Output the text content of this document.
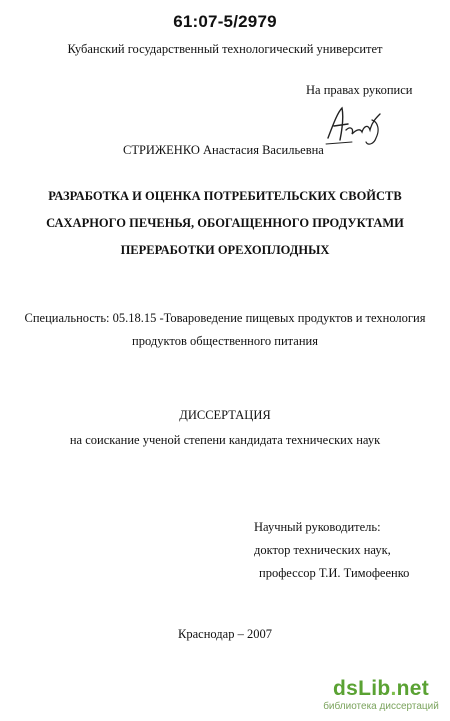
61:07-5/2979
Кубанский государственный технологический университет
На правах рукописи
СТРИЖЕНКО Анастасия Васильевна
РАЗРАБОТКА И ОЦЕНКА ПОТРЕБИТЕЛЬСКИХ СВОЙСТВ
САХАРНОГО ПЕЧЕНЬЯ, ОБОГАЩЕННОГО ПРОДУКТАМИ
ПЕРЕРАБОТКИ ОРЕХОПЛОДНЫХ
Специальность: 05.18.15 -Товароведение пищевых продуктов и технология
продуктов общественного питания
ДИССЕРТАЦИЯ
на соискание ученой степени кандидата технических наук
Научный руководитель:
доктор технических наук,
профессор Т.И. Тимофеенко
Краснодар – 2007
dsLib.net
библиотека диссертаций
